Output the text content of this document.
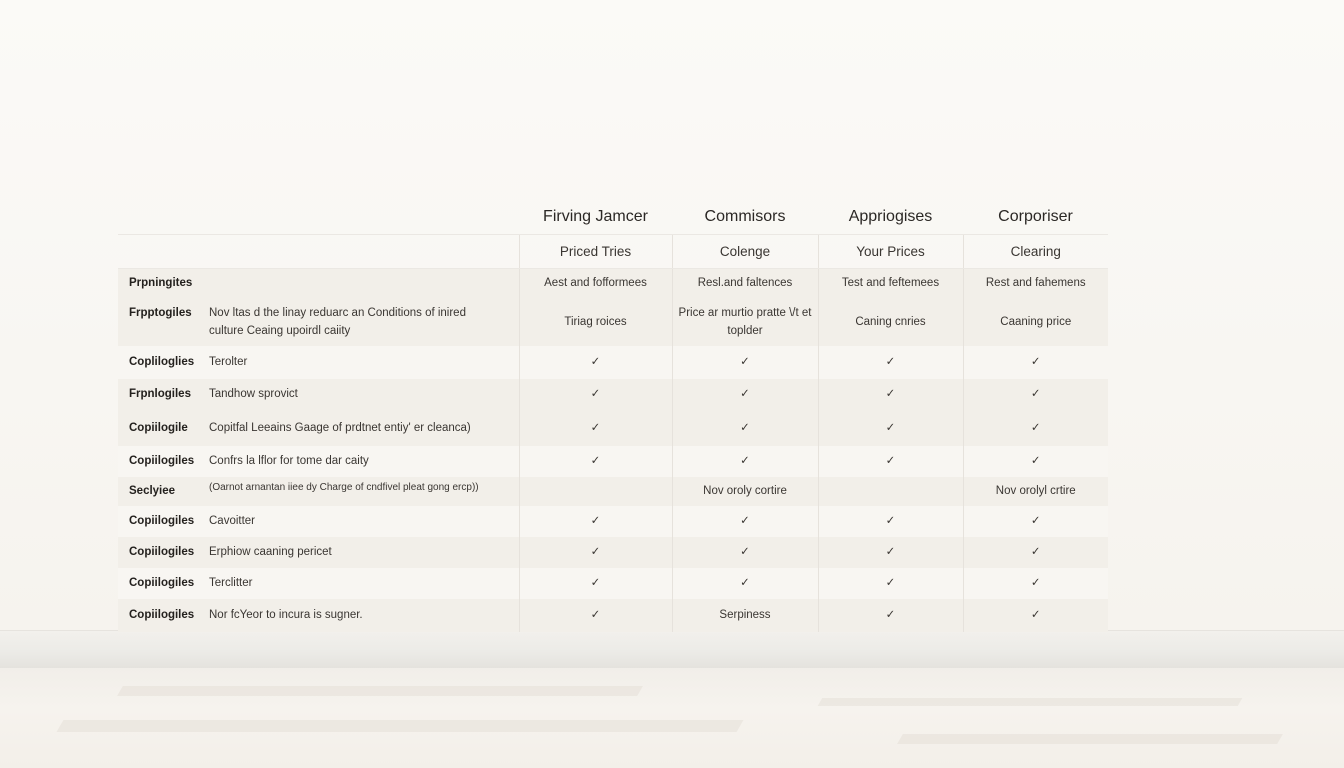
	Firving Jamcer	Commisors	Appriogises	Corporiser
	Priced Tries	Colenge	Your Prices	Clearing
Prpningites	Aest and fofformees	Resl.and faltences	Test and feftemees	Rest and fahemens
Frpptogiles Nov ltas d the linay reduarc an Conditions of inired culture Ceaing upoirdl caiity	Tiriag roices	Price ar murtio pratte \/t et toplder	Caning cnries	Caaning price
Copliloglies Terolter	✓	✓	✓	✓
Frpnlogiles Tandhow sprovict	✓	✓	✓	✓
Copiilogile Copitfal Leeains Gaage of prdtnet entiy' er cleanca)	✓	✓	✓	✓
Copiilogiles Confrs la lflor for tome dar caity	✓	✓	✓	✓
Seclyiee (Oarnot arnantan iiee dy Charge of cndfivel pleat gong ercp))		Nov oroly cortire		Nov orolyl crtire
Copiilogiles Cavoitter	✓	✓	✓	✓
Copiilogiles Erphiow caaning pericet	✓	✓	✓	✓
Copiilogiles Terclitter	✓	✓	✓	✓
Copiilogiles Nor fcYeor to incura is sugner.	✓	Serpiness	✓	✓
